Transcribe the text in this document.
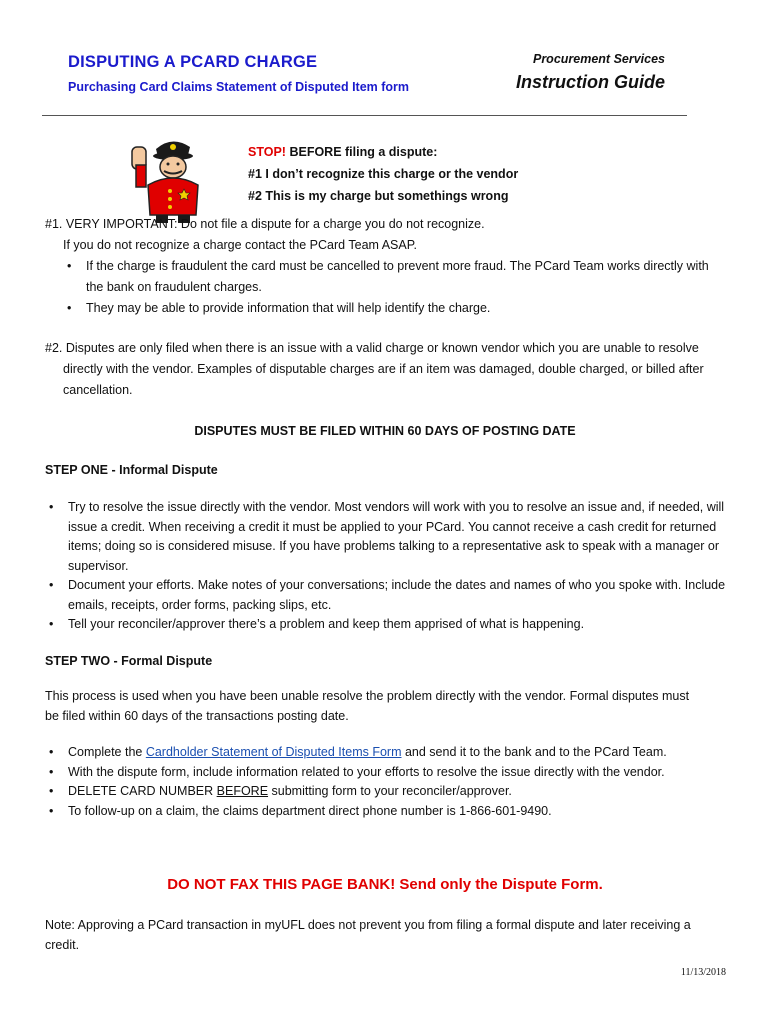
DISPUTING A PCARD CHARGE
Purchasing Card Claims Statement of Disputed Item form
Procurement Services
Instruction Guide
STOP! BEFORE filing a dispute:
#1 I don’t recognize this charge or the vendor
#2 This is my charge but somethings wrong

#1. VERY IMPORTANT: Do not file a dispute for a charge you do not recognize.

If you do not recognize a charge contact the PCard Team ASAP.

• If the charge is fraudulent the card must be cancelled to prevent more fraud. The PCard Team works directly with the bank on fraudulent charges.

• They may be able to provide information that will help identify the charge.

#2. Disputes are only filed when there is an issue with a valid charge or known vendor which you are unable to resolve directly with the vendor. Examples of disputable charges are if an item was damaged, double charged, or billed after cancellation.
DISPUTES MUST BE FILED WITHIN 60 DAYS OF POSTING DATE
STEP ONE - Informal Dispute

• Try to resolve the issue directly with the vendor. Most vendors will work with you to resolve an issue and, if needed, will issue a credit. When receiving a credit it must be applied to your PCard. You cannot receive a cash credit for returned items; doing so is considered misuse. If you have problems talking to a representative ask to speak with a manager or supervisor.

• Document your efforts. Make notes of your conversations; include the dates and names of who you spoke with. Include emails, receipts, order forms, packing slips, etc.

• Tell your reconciler/approver there’s a problem and keep them apprised of what is happening.

STEP TWO - Formal Dispute
This process is used when you have been unable resolve the problem directly with the vendor. Formal disputes must be filed within 60 days of the transactions posting date.

• Complete the Cardholder Statement of Disputed Items Form and send it to the bank and to the PCard Team.

• With the dispute form, include information related to your efforts to resolve the issue directly with the vendor.

• DELETE CARD NUMBER BEFORE submitting form to your reconciler/approver.

• To follow-up on a claim, the claims department direct phone number is 1-866-601-9490.

DO NOT FAX THIS PAGE BANK! Send only the Dispute Form.
Note: Approving a PCard transaction in myUFL does not prevent you from filing a formal dispute and later receiving a credit.
11/13/2018
